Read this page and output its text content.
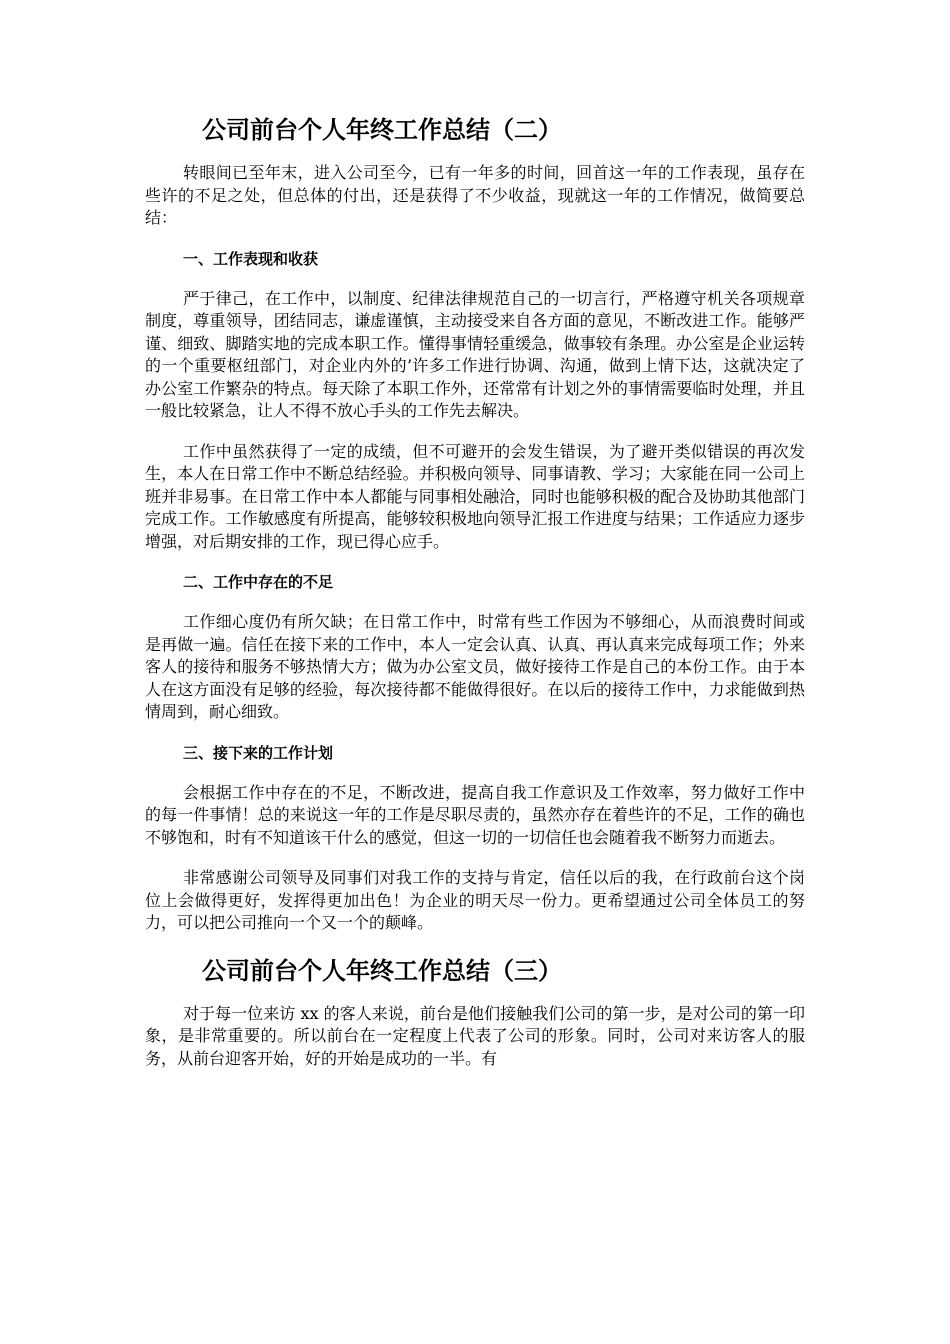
公司前台个人年终工作总结（二）

转眼间已至年末，进入公司至今，已有一年多的时间，回首这一年的工作表现，虽存在些许的不足之处，但总体的付出，还是获得了不少收益，现就这一年的工作情况，做简要总结：

一、工作表现和收获

严于律己，在工作中，以制度、纪律法律规范自己的一切言行，严格遵守机关各项规章制度，尊重领导，团结同志，谦虚谨慎，主动接受来自各方面的意见，不断改进工作。能够严谨、细致、脚踏实地的完成本职工作。懂得事情轻重缓急，做事较有条理。办公室是企业运转的一个重要枢纽部门，对企业内外的’许多工作进行协调、沟通，做到上情下达，这就决定了办公室工作繁杂的特点。每天除了本职工作外，还常常有计划之外的事情需要临时处理，并且一般比较紧急，让人不得不放心手头的工作先去解决。

工作中虽然获得了一定的成绩，但不可避开的会发生错误，为了避开类似错误的再次发生，本人在日常工作中不断总结经验。并积极向领导、同事请教、学习；大家能在同一公司上班并非易事。在日常工作中本人都能与同事相处融洽，同时也能够积极的配合及协助其他部门完成工作。工作敏感度有所提高，能够较积极地向领导汇报工作进度与结果；工作适应力逐步增强，对后期安排的工作，现已得心应手。

二、工作中存在的不足

工作细心度仍有所欠缺；在日常工作中，时常有些工作因为不够细心，从而浪费时间或是再做一遍。信任在接下来的工作中，本人一定会认真、认真、再认真来完成每项工作；外来客人的接待和服务不够热情大方；做为办公室文员，做好接待工作是自己的本份工作。由于本人在这方面没有足够的经验，每次接待都不能做得很好。在以后的接待工作中，力求能做到热情周到，耐心细致。

三、接下来的工作计划

会根据工作中存在的不足，不断改进，提高自我工作意识及工作效率，努力做好工作中的每一件事情！总的来说这一年的工作是尽职尽责的，虽然亦存在着些许的不足，工作的确也不够饱和，时有不知道该干什么的感觉，但这一切的一切信任也会随着我不断努力而逝去。

非常感谢公司领导及同事们对我工作的支持与肯定，信任以后的我，在行政前台这个岗位上会做得更好，发挥得更加出色！为企业的明天尽一份力。更希望通过公司全体员工的努力，可以把公司推向一个又一个的颠峰。

公司前台个人年终工作总结（三）

对于每一位来访 xx 的客人来说，前台是他们接触我们公司的第一步，是对公司的第一印象，是非常重要的。所以前台在一定程度上代表了公司的形象。同时，公司对来访客人的服务，从前台迎客开始，好的开始是成功的一半。有
